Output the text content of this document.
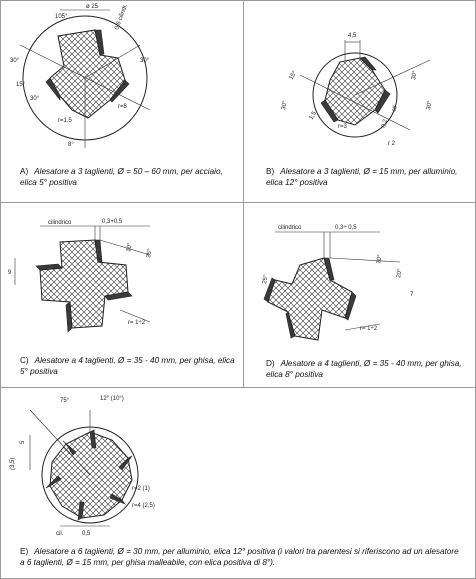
ø 25
105°	0.6 cilindr.
30°
30°
15°
30°
r=1.5
r=8
8°
4,5
30°
15°
30°	30°
0,2
cil
r=3
r 2
1,5
cilindrico	0,3+0,5
10°
25°
9
r= 1÷2
cilindrico	0,3÷ 0,5
10°
20°
25°
7
r= 1÷2
75°	12° (10°)
(3,5)
5
r=2 (1)
r=4 (2,5)
cil.	0,5
A) Alesatore a 3 taglienti, Ø = 50 – 60 mm, per acciaio, elica 5° positiva
B) Alesatore a 3 taglienti, Ø = 15 mm, per alluminio, elica 12° positiva
C) Alesatore a 4 taglienti, Ø = 35 - 40 mm, per ghisa, elica 5° positiva
D) Alesatore a 4 taglienti, Ø = 35 - 40 mm, per ghisa, elica 8° positiva
E) Alesatore a 6 taglienti, Ø = 30 mm, per alluminio, elica 12° positiva (i valori tra parentesi si riferiscono ad un alesatore a 6 taglienti, Ø = 15 mm, per ghisa malleabile, con elica positiva di 8°).
